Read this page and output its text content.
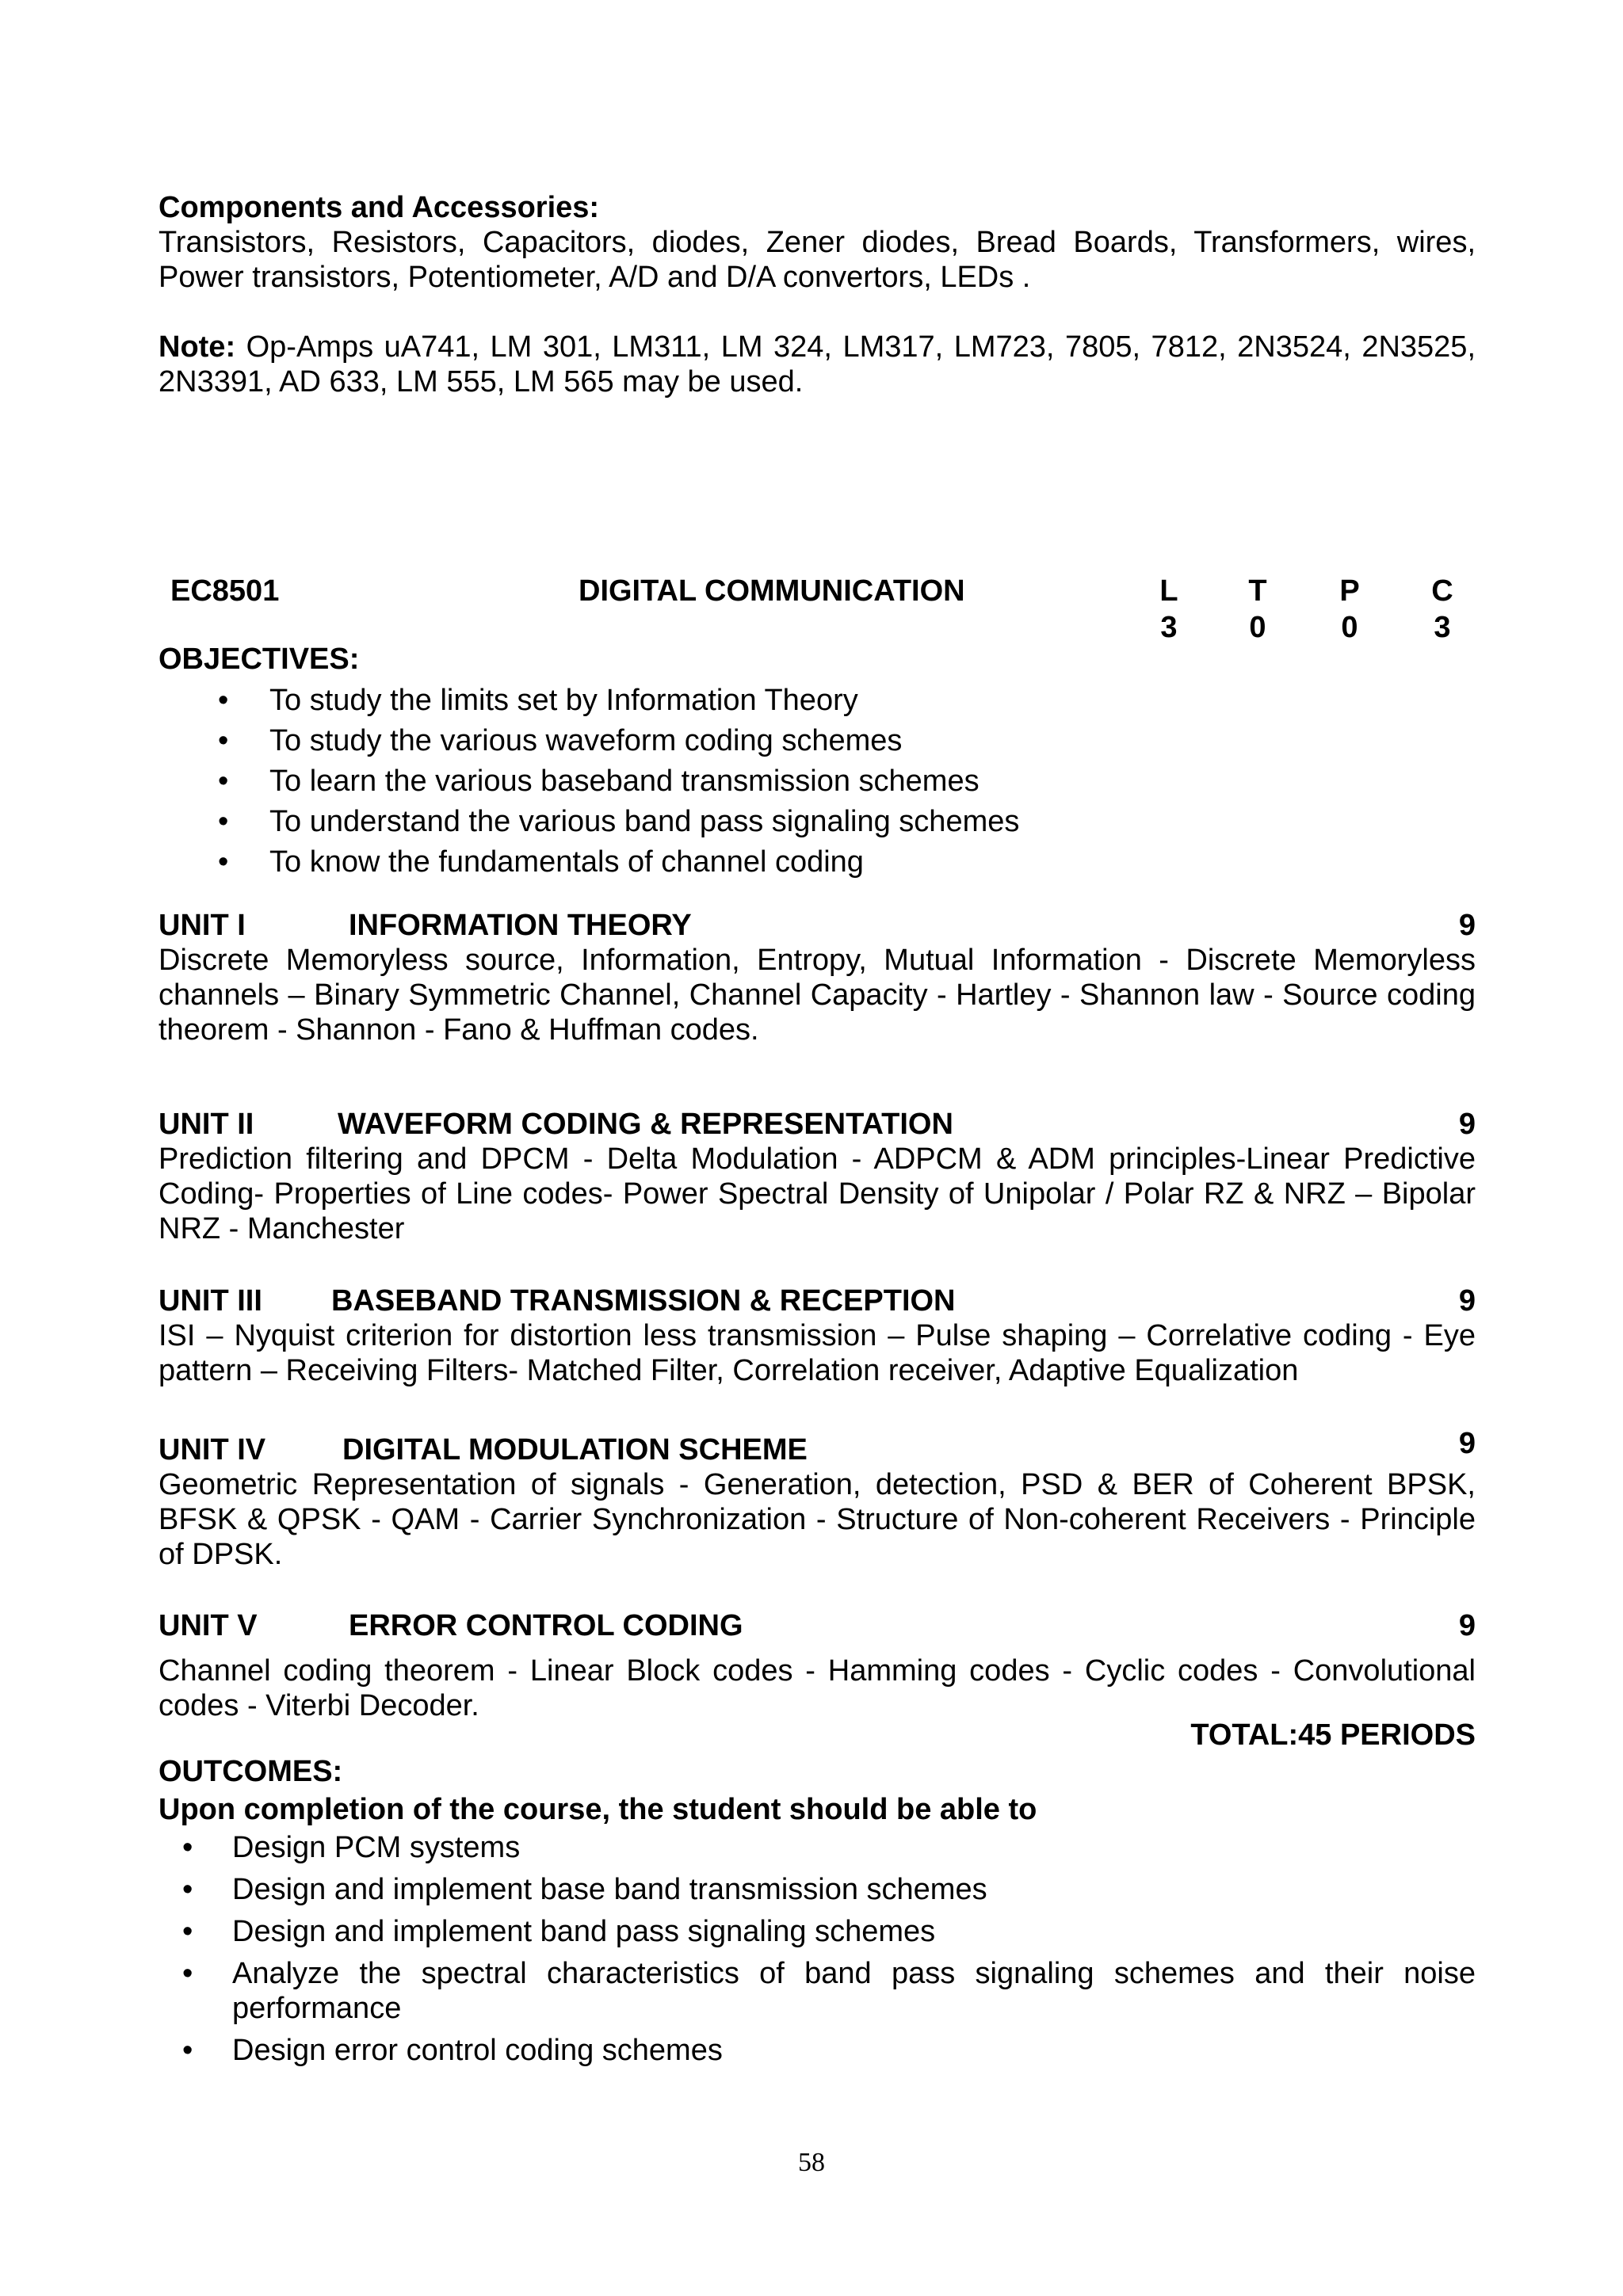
Components and Accessories:
Transistors, Resistors, Capacitors, diodes, Zener diodes, Bread Boards, Transformers, wires, Power transistors, Potentiometer, A/D and D/A convertors, LEDs .
Note: Op-Amps uA741, LM 301, LM311, LM 324, LM317, LM723, 7805, 7812, 2N3524, 2N3525, 2N3391, AD 633, LM 555, LM 565 may be used.
EC8501	DIGITAL COMMUNICATION	L T P C
3 0 0	3
OBJECTIVES:
• To study the limits set by Information Theory
• To study the various waveform coding schemes
• To learn the various baseband transmission schemes
• To understand the various band pass signaling schemes
• To know the fundamentals of channel coding
UNIT I	INFORMATION THEORY	9
Discrete Memoryless source, Information, Entropy, Mutual Information - Discrete Memoryless channels – Binary Symmetric Channel, Channel Capacity - Hartley - Shannon law - Source coding theorem - Shannon - Fano & Huffman codes.
UNIT II	WAVEFORM CODING & REPRESENTATION	9
Prediction filtering and DPCM - Delta Modulation - ADPCM & ADM principles-Linear Predictive Coding- Properties of Line codes- Power Spectral Density of Unipolar / Polar RZ & NRZ – Bipolar NRZ - Manchester
UNIT III BASEBAND TRANSMISSION & RECEPTION	9
ISI – Nyquist criterion for distortion less transmission – Pulse shaping – Correlative coding - Eye pattern – Receiving Filters- Matched Filter, Correlation receiver, Adaptive Equalization
UNIT IV	DIGITAL MODULATION SCHEME	9
Geometric Representation of signals - Generation, detection, PSD & BER of Coherent BPSK, BFSK & QPSK - QAM - Carrier Synchronization - Structure of Non-coherent Receivers - Principle of DPSK.
UNIT V	ERROR CONTROL CODING	9
Channel coding theorem - Linear Block codes - Hamming codes - Cyclic codes - Convolutional codes - Viterbi Decoder.
TOTAL:45 PERIODS
OUTCOMES:
Upon completion of the course, the student should be able to
• Design PCM systems
• Design and implement base band transmission schemes
• Design and implement band pass signaling schemes
• Analyze the spectral characteristics of band pass signaling schemes and their noise performance
• Design error control coding schemes
58
